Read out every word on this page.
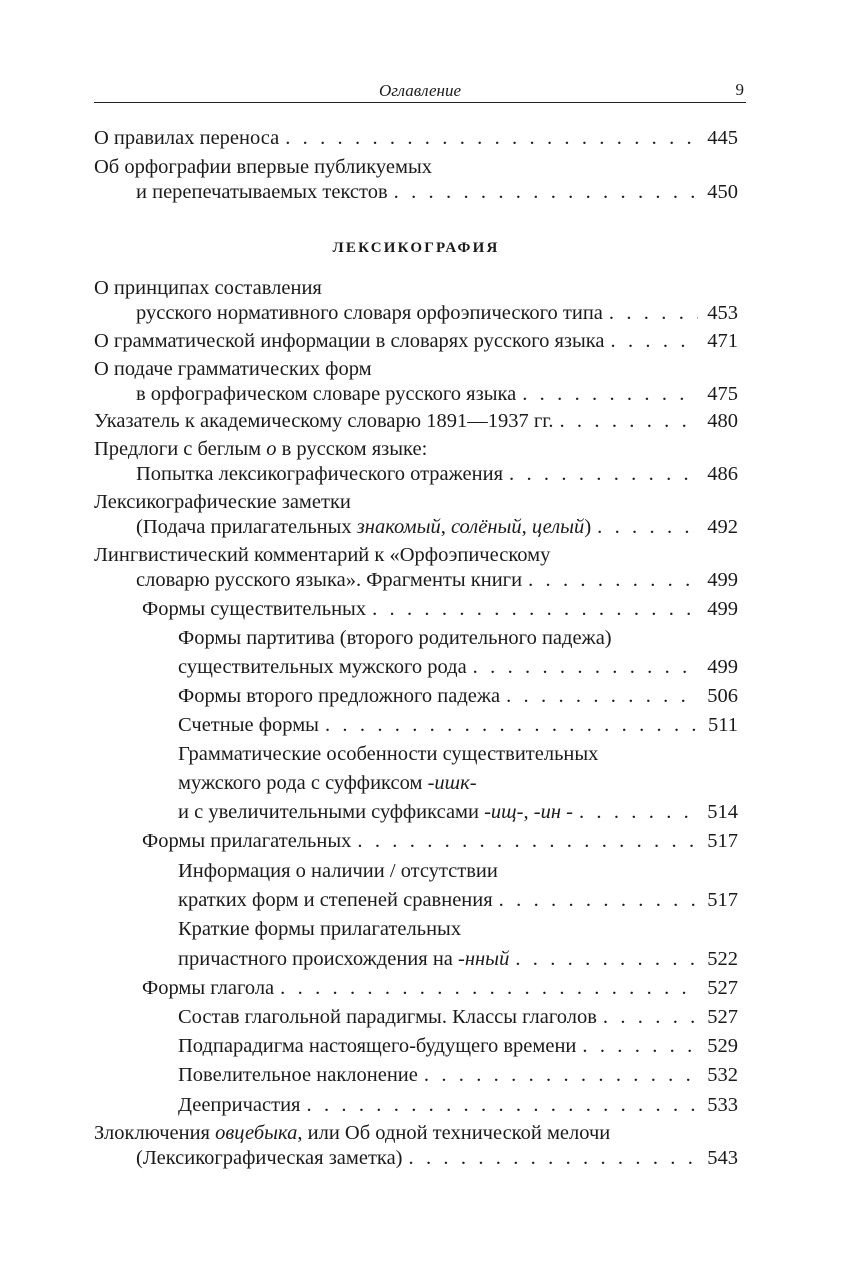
Оглавление	9
О правилах переноса . . .	445
Об орфографии впервые публикуемых
и перепечатываемых текстов . . .	450
ЛЕКСИКОГРАФИЯ
О принципах составления
русского нормативного словаря орфоэпического типа . . .	453
О грамматической информации в словарях русского языка . . .	471
О подаче грамматических форм
в орфографическом словаре русского языка . . .	475
Указатель к академическому словарю 1891—1937 гг. . . .	480
Предлоги с беглым о в русском языке:
Попытка лексикографического отражения . . .	486
Лексикографические заметки
(Подача прилагательных знакомый, солёный, целый) . . .	492
Лингвистический комментарий к «Орфоэпическому
словарю русского языка». Фрагменты книги . . .	499
Формы существительных . . .	499
Формы партитива (второго родительного падежа)
существительных мужского рода . . .	499
Формы второго предложного падежа . . .	506
Счетные формы . . .	511
Грамматические особенности существительных
мужского рода с суффиксом -ишк-
и с увеличительными суффиксами -ищ-, -ин - . . .	514
Формы прилагательных . . .	517
Информация о наличии / отсутствии
кратких форм и степеней сравнения . . .	517
Краткие формы прилагательных
причастного происхождения на -нный . . .	522
Формы глагола . . .	527
Состав глагольной парадигмы. Классы глаголов . . .	527
Подпарадигма настоящего-будущего времени . . .	529
Повелительное наклонение . . .	532
Деепричастия . . .	533
Злоключения овцебыка, или Об одной технической мелочи
(Лексикографическая заметка) . . .	543
